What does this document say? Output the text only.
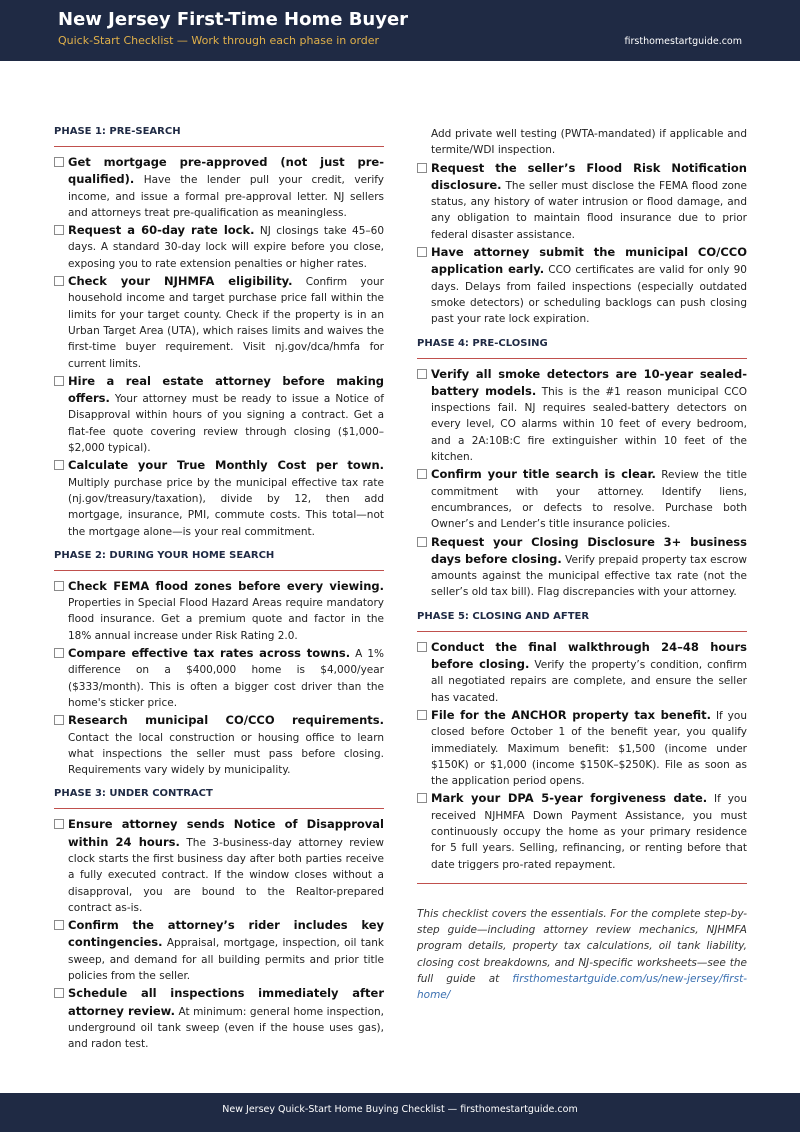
New Jersey First-Time Home Buyer
Quick-Start Checklist — Work through each phase in order	firsthomestartguide.com
PHASE 1: PRE-SEARCH
Get mortgage pre-approved (not just pre-qualified). Have the lender pull your credit, verify income, and issue a formal pre-approval letter. NJ sellers and attorneys treat pre-qualification as meaningless.
Request a 60-day rate lock. NJ closings take 45–60 days. A standard 30-day lock will expire before you close, exposing you to rate extension penalties or higher rates.
Check your NJHMFA eligibility. Confirm your household income and target purchase price fall within the limits for your target county. Check if the property is in an Urban Target Area (UTA), which raises limits and waives the first-time buyer requirement. Visit nj.gov/dca/hmfa for current limits.
Hire a real estate attorney before making offers. Your attorney must be ready to issue a Notice of Disapproval within hours of you signing a contract. Get a flat-fee quote covering review through closing ($1,000–$2,000 typical).
Calculate your True Monthly Cost per town. Multiply purchase price by the municipal effective tax rate (nj.gov/treasury/taxation), divide by 12, then add mortgage, insurance, PMI, commute costs. This total—not the mortgage alone—is your real commitment.
PHASE 2: DURING YOUR HOME SEARCH
Check FEMA flood zones before every viewing. Properties in Special Flood Hazard Areas require mandatory flood insurance. Get a premium quote and factor in the 18% annual increase under Risk Rating 2.0.
Compare effective tax rates across towns. A 1% difference on a $400,000 home is $4,000/year ($333/month). This is often a bigger cost driver than the home's sticker price.
Research municipal CO/CCO requirements. Contact the local construction or housing office to learn what inspections the seller must pass before closing. Requirements vary widely by municipality.
PHASE 3: UNDER CONTRACT
Ensure attorney sends Notice of Disapproval within 24 hours. The 3-business-day attorney review clock starts the first business day after both parties receive a fully executed contract. If the window closes without a disapproval, you are bound to the Realtor-prepared contract as-is.
Confirm the attorney’s rider includes key contingencies. Appraisal, mortgage, inspection, oil tank sweep, and demand for all building permits and prior title policies from the seller.
Schedule all inspections immediately after attorney review. At minimum: general home inspection, underground oil tank sweep (even if the house uses gas), and radon test.
Add private well testing (PWTA-mandated) if applicable and termite/WDI inspection.
Request the seller’s Flood Risk Notification disclosure. The seller must disclose the FEMA flood zone status, any history of water intrusion or flood damage, and any obligation to maintain flood insurance due to prior federal disaster assistance.
Have attorney submit the municipal CO/CCO application early. CCO certificates are valid for only 90 days. Delays from failed inspections (especially outdated smoke detectors) or scheduling backlogs can push closing past your rate lock expiration.
PHASE 4: PRE-CLOSING
Verify all smoke detectors are 10-year sealed-battery models. This is the #1 reason municipal CCO inspections fail. NJ requires sealed-battery detectors on every level, CO alarms within 10 feet of every bedroom, and a 2A:10B:C fire extinguisher within 10 feet of the kitchen.
Confirm your title search is clear. Review the title commitment with your attorney. Identify liens, encumbrances, or defects to resolve. Purchase both Owner’s and Lender’s title insurance policies.
Request your Closing Disclosure 3+ business days before closing. Verify prepaid property tax escrow amounts against the municipal effective tax rate (not the seller’s old tax bill). Flag discrepancies with your attorney.
PHASE 5: CLOSING AND AFTER
Conduct the final walkthrough 24–48 hours before closing. Verify the property’s condition, confirm all negotiated repairs are complete, and ensure the seller has vacated.
File for the ANCHOR property tax benefit. If you closed before October 1 of the benefit year, you qualify immediately. Maximum benefit: $1,500 (income under $150K) or $1,000 (income $150K–$250K). File as soon as the application period opens.
Mark your DPA 5-year forgiveness date. If you received NJHMFA Down Payment Assistance, you must continuously occupy the home as your primary residence for 5 full years. Selling, refinancing, or renting before that date triggers pro-rated repayment.
This checklist covers the essentials. For the complete step-by-step guide—including attorney review mechanics, NJHMFA program details, property tax calculations, oil tank liability, closing cost breakdowns, and NJ-specific worksheets—see the full guide at firsthomestartguide.com/us/new-jersey/first-home/
New Jersey Quick-Start Home Buying Checklist — firsthomestartguide.com
